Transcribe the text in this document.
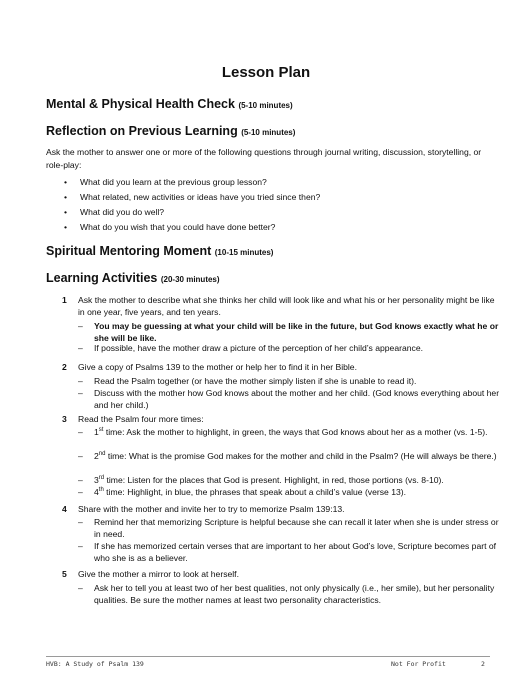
Lesson Plan
Mental & Physical Health Check (5-10 minutes)
Reflection on Previous Learning (5-10 minutes)

Ask the mother to answer one or more of the following questions through journal writing, discussion, storytelling, or role-play:

• What did you learn at the previous group lesson?
• What related, new activities or ideas have you tried since then?
• What did you do well?
• What do you wish that you could have done better?
Spiritual Mentoring Moment (10-15 minutes)
Learning Activities (20-30 minutes)
1 Ask the mother to describe what she thinks her child will look like and what his or her personality might be like in one year, five years, and ten years.
– You may be guessing at what your child will be like in the future, but God knows exactly what he or she will be like.
– If possible, have the mother draw a picture of the perception of her child’s appearance.
2 Give a copy of Psalms 139 to the mother or help her to find it in her Bible.
– Read the Psalm together (or have the mother simply listen if she is unable to read it).
– Discuss with the mother how God knows about the mother and her child. (God knows everything about her and her child.)
3 Read the Psalm four more times:
– 1st time: Ask the mother to highlight, in green, the ways that God knows about her as a mother (vs. 1-5).
– 2nd time: What is the promise God makes for the mother and child in the Psalm? (He will always be there.)
– 3rd time: Listen for the places that God is present. Highlight, in red, those portions (vs. 8-10).
– 4th time: Highlight, in blue, the phrases that speak about a child’s value (verse 13).
4 Share with the mother and invite her to try to memorize Psalm 139:13.
– Remind her that memorizing Scripture is helpful because she can recall it later when she is under stress or in need.
– If she has memorized certain verses that are important to her about God’s love, Scripture becomes part of who she is as a believer.
5 Give the mother a mirror to look at herself.
– Ask her to tell you at least two of her best qualities, not only physically (i.e., her smile), but her personality qualities. Be sure the mother names at least two personality characteristics.
HVB: A Study of Psalm 139	Not For Profit	2
